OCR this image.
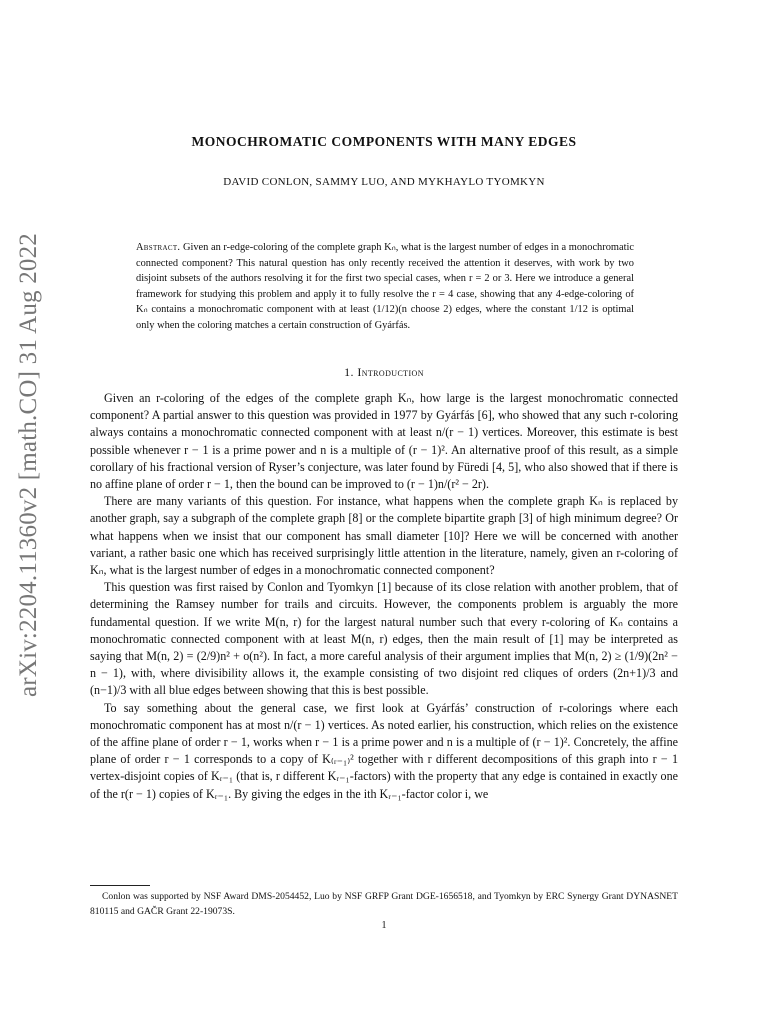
arXiv:2204.11360v2 [math.CO] 31 Aug 2022
MONOCHROMATIC COMPONENTS WITH MANY EDGES
DAVID CONLON, SAMMY LUO, AND MYKHAYLO TYOMKYN
Abstract. Given an r-edge-coloring of the complete graph Kₙ, what is the largest number of edges in a monochromatic connected component? This natural question has only recently received the attention it deserves, with work by two disjoint subsets of the authors resolving it for the first two special cases, when r = 2 or 3. Here we introduce a general framework for studying this problem and apply it to fully resolve the r = 4 case, showing that any 4-edge-coloring of Kₙ contains a monochromatic component with at least (1/12)(n choose 2) edges, where the constant 1/12 is optimal only when the coloring matches a certain construction of Gyárfás.
1. Introduction

Given an r-coloring of the edges of the complete graph Kₙ, how large is the largest monochromatic connected component? A partial answer to this question was provided in 1977 by Gyárfás [6], who showed that any such r-coloring always contains a monochromatic connected component with at least n/(r − 1) vertices. Moreover, this estimate is best possible whenever r − 1 is a prime power and n is a multiple of (r − 1)². An alternative proof of this result, as a simple corollary of his fractional version of Ryser’s conjecture, was later found by Füredi [4, 5], who also showed that if there is no affine plane of order r − 1, then the bound can be improved to (r − 1)n/(r² − 2r).

There are many variants of this question. For instance, what happens when the complete graph Kₙ is replaced by another graph, say a subgraph of the complete graph [8] or the complete bipartite graph [3] of high minimum degree? Or what happens when we insist that our component has small diameter [10]? Here we will be concerned with another variant, a rather basic one which has received surprisingly little attention in the literature, namely, given an r-coloring of Kₙ, what is the largest number of edges in a monochromatic connected component?

This question was first raised by Conlon and Tyomkyn [1] because of its close relation with another problem, that of determining the Ramsey number for trails and circuits. However, the components problem is arguably the more fundamental question. If we write M(n, r) for the largest natural number such that every r-coloring of Kₙ contains a monochromatic connected component with at least M(n, r) edges, then the main result of [1] may be interpreted as saying that M(n, 2) = (2/9)n² + o(n²). In fact, a more careful analysis of their argument implies that M(n, 2) ≥ (1/9)(2n² − n − 1), with, where divisibility allows it, the example consisting of two disjoint red cliques of orders (2n+1)/3 and (n−1)/3 with all blue edges between showing that this is best possible.

To say something about the general case, we first look at Gyárfás’ construction of r-colorings where each monochromatic component has at most n/(r − 1) vertices. As noted earlier, his construction, which relies on the existence of the affine plane of order r − 1, works when r − 1 is a prime power and n is a multiple of (r − 1)². Concretely, the affine plane of order r − 1 corresponds to a copy of K₍ᵣ₋₁₎² together with r different decompositions of this graph into r − 1 vertex-disjoint copies of Kᵣ₋₁ (that is, r different Kᵣ₋₁-factors) with the property that any edge is contained in exactly one of the r(r − 1) copies of Kᵣ₋₁. By giving the edges in the ith Kᵣ₋₁-factor color i, we

Conlon was supported by NSF Award DMS-2054452, Luo by NSF GRFP Grant DGE-1656518, and Tyomkyn by ERC Synergy Grant DYNASNET 810115 and GAČR Grant 22-19073S.
1
